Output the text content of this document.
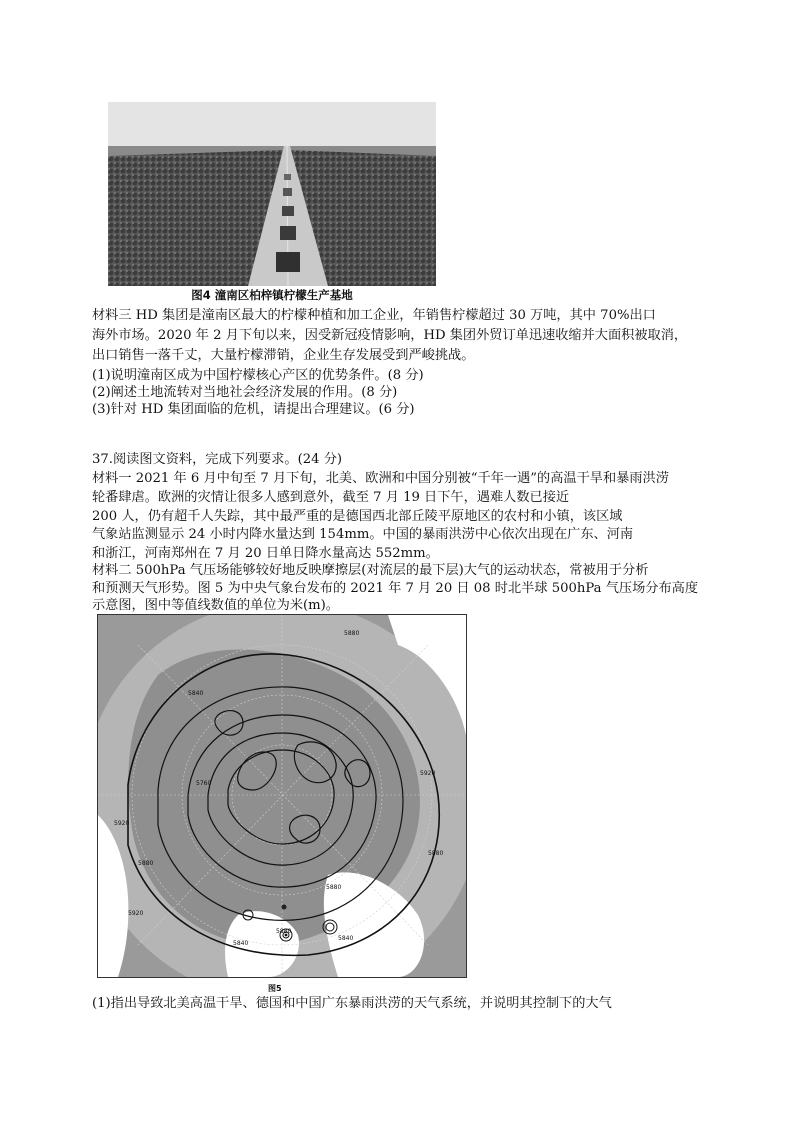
图4 潼南区柏梓镇柠檬生产基地
材料三 HD 集团是潼南区最大的柠檬种植和加工企业，年销售柠檬超过 30 万吨，其中 70%出口
海外市场。2020 年 2 月下旬以来，因受新冠疫情影响，HD 集团外贸订单迅速收缩并大面积被取消，
出口销售一落千丈，大量柠檬滞销，企业生存发展受到严峻挑战。
(1)说明潼南区成为中国柠檬核心产区的优势条件。(8 分)
(2)阐述土地流转对当地社会经济发展的作用。(8 分)
(3)针对 HD 集团面临的危机，请提出合理建议。(6 分)
37.阅读图文资料，完成下列要求。(24 分)
材料一 2021 年 6 月中旬至 7 月下旬，北美、欧洲和中国分别被“千年一遇”的高温干旱和暴雨洪涝
轮番肆虐。欧洲的灾情让很多人感到意外，截至 7 月 19 日下午，遇难人数已接近
200 人，仍有超千人失踪，其中最严重的是德国西北部丘陵平原地区的农村和小镇，该区域
气象站监测显示 24 小时内降水量达到 154mm。中国的暴雨洪涝中心依次出现在广东、河南
和浙江，河南郑州在 7 月 20 日单日降水量高达 552mm。
材料二 500hPa 气压场能够较好地反映摩擦层(对流层的最下层)大气的运动状态，常被用于分析
和预测天气形势。图 5 为中央气象台发布的 2021 年 7 月 20 日 08 时北半球 500hPa 气压场分布高度
示意图，图中等值线数值的单位为米(m)。
5880
5920
5840
5760
5880
5920
5840
5880
5840
5880
5920
5880
图5
(1)指出导致北美高温干旱、德国和中国广东暴雨洪涝的天气系统，并说明其控制下的大气
